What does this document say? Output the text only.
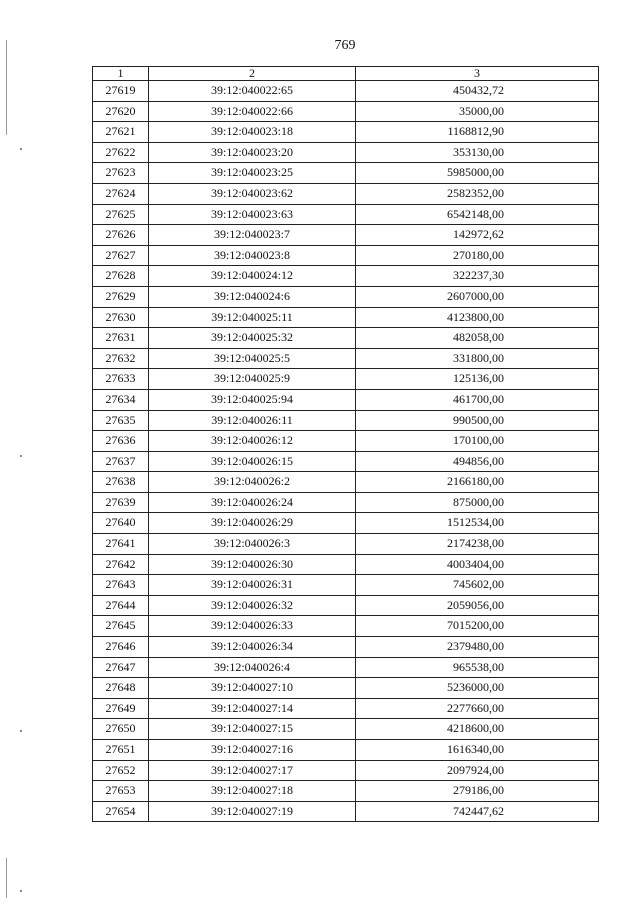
769
1	2	3
27619	39:12:040022:65	450432,72
27620	39:12:040022:66	35000,00
27621	39:12:040023:18	1168812,90
27622	39:12:040023:20	353130,00
27623	39:12:040023:25	5985000,00
27624	39:12:040023:62	2582352,00
27625	39:12:040023:63	6542148,00
27626	39:12:040023:7	142972,62
27627	39:12:040023:8	270180,00
27628	39:12:040024:12	322237,30
27629	39:12:040024:6	2607000,00
27630	39:12:040025:11	4123800,00
27631	39:12:040025:32	482058,00
27632	39:12:040025:5	331800,00
27633	39:12:040025:9	125136,00
27634	39:12:040025:94	461700,00
27635	39:12:040026:11	990500,00
27636	39:12:040026:12	170100,00
27637	39:12:040026:15	494856,00
27638	39:12:040026:2	2166180,00
27639	39:12:040026:24	875000,00
27640	39:12:040026:29	1512534,00
27641	39:12:040026:3	2174238,00
27642	39:12:040026:30	4003404,00
27643	39:12:040026:31	745602,00
27644	39:12:040026:32	2059056,00
27645	39:12:040026:33	7015200,00
27646	39:12:040026:34	2379480,00
27647	39:12:040026:4	965538,00
27648	39:12:040027:10	5236000,00
27649	39:12:040027:14	2277660,00
27650	39:12:040027:15	4218600,00
27651	39:12:040027:16	1616340,00
27652	39:12:040027:17	2097924,00
27653	39:12:040027:18	279186,00
27654	39:12:040027:19	742447,62
